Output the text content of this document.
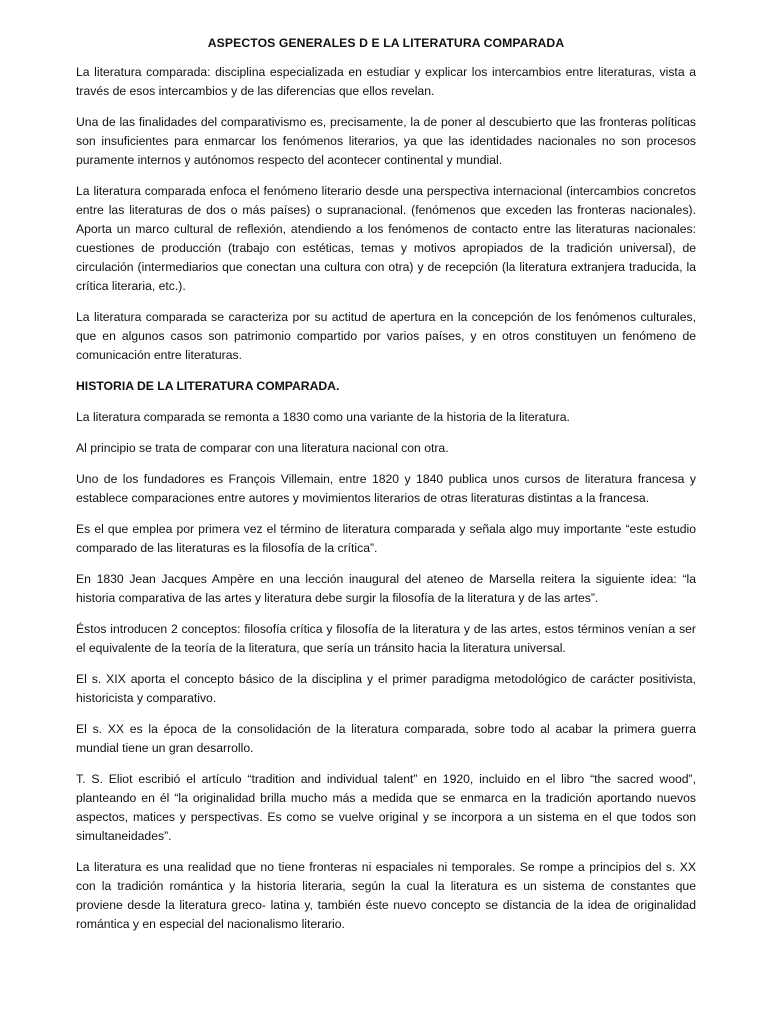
ASPECTOS GENERALES D E LA LITERATURA COMPARADA

La literatura comparada: disciplina especializada en estudiar y explicar los intercambios entre literaturas, vista a través de esos intercambios y de las diferencias que ellos revelan.

Una de las finalidades del comparativismo es, precisamente, la de poner al descubierto que las fronteras políticas son insuficientes para enmarcar los fenómenos literarios, ya que las identidades nacionales no son procesos puramente internos y autónomos respecto del acontecer continental y mundial.

La literatura comparada enfoca el fenómeno literario desde una perspectiva internacional (intercambios concretos entre las literaturas de dos o más países) o supranacional. (fenómenos que exceden las fronteras nacionales). Aporta un marco cultural de reflexión, atendiendo a los fenómenos de contacto entre las literaturas nacionales: cuestiones de producción (trabajo con estéticas, temas y motivos apropiados de la tradición universal), de circulación (intermediarios que conectan una cultura con otra) y de recepción (la literatura extranjera traducida, la crítica literaria, etc.).

La literatura comparada se caracteriza por su actitud de apertura en la concepción de los fenómenos culturales, que en algunos casos son patrimonio compartido por varios países, y en otros constituyen un fenómeno de comunicación entre literaturas.

HISTORIA DE LA LITERATURA COMPARADA.

La literatura comparada se remonta a 1830 como una variante de la historia de la literatura.

Al principio se trata de comparar con una literatura nacional con otra.

Uno de los fundadores es François Villemain, entre 1820 y 1840 publica unos cursos de literatura francesa y establece comparaciones entre autores y movimientos literarios de otras literaturas distintas a la francesa.

Es el que emplea por primera vez el término de literatura comparada y señala algo muy importante “este estudio comparado de las literaturas es la filosofía de la crítica”.

En 1830 Jean Jacques Ampère en una lección inaugural del ateneo de Marsella reitera la siguiente idea: “la historia comparativa de las artes y literatura debe surgir la filosofía de la literatura y de las artes”.

Éstos introducen 2 conceptos: filosofía crítica y filosofía de la literatura y de las artes, estos términos venían a ser el equivalente de la teoría de la literatura, que sería un tránsito hacia la literatura universal.

El s. XIX aporta el concepto básico de la disciplina y el primer paradigma metodológico de carácter positivista, historicista y comparativo.

El s. XX es la época de la consolidación de la literatura comparada, sobre todo al acabar la primera guerra mundial tiene un gran desarrollo.

T. S. Eliot escribió el artículo “tradition and individual talent” en 1920, incluido en el libro “the sacred wood”, planteando en él “la originalidad brilla mucho más a medida que se enmarca en la tradición aportando nuevos aspectos, matices y perspectivas. Es como se vuelve original y se incorpora a un sistema en el que todos son simultaneidades”.

La literatura es una realidad que no tiene fronteras ni espaciales ni temporales. Se rompe a principios del s. XX con la tradición romántica y la historia literaria, según la cual la literatura es un sistema de constantes que proviene desde la literatura greco- latina y, también éste nuevo concepto se distancia de la idea de originalidad romántica y en especial del nacionalismo literario.
